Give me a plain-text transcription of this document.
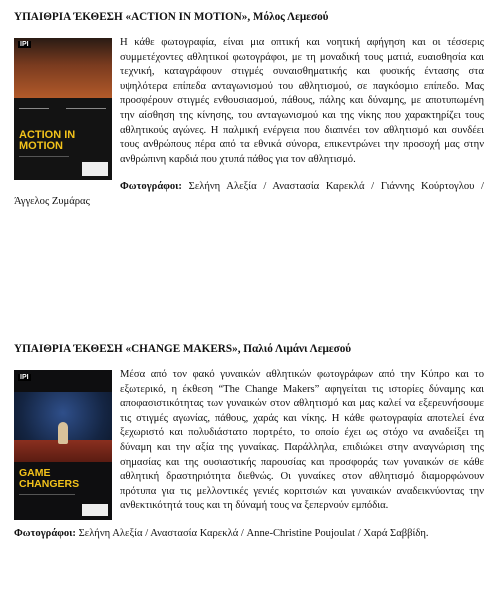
ΥΠΑΙΘΡΙΑ ΈΚΘΕΣΗ «ACTION IN MOTION», Μόλος Λεμεσού

IPI
ACTION IN
MOTION

Η κάθε φωτογραφία, είναι μια οπτική και νοητική αφήγηση και οι τέσσερις συμμετέχοντες αθλητικοί φωτογράφοι, με τη μοναδική τους ματιά, ευαισθησία και τεχνική, καταγράφουν στιγμές συναισθηματικής και φυσικής έντασης στα υψηλότερα επίπεδα ανταγωνισμού του αθλητισμού, σε παγκόσμιο επίπεδο. Μας προσφέρουν στιγμές ενθουσιασμού, πάθους, πάλης και δύναμης, με αποτυπωμένη την αίσθηση της κίνησης, του ανταγωνισμού και της νίκης που χαρακτηρίζει τους αθλητικούς αγώνες. Η παλμική ενέργεια που διαπνέει τον αθλητισμό και συνδέει τους ανθρώπους πέρα από τα εθνικά σύνορα, επικεντρώνει την προσοχή μας στην ανθρώπινη καρδιά που χτυπά πάθος για τον αθλητισμό.

Φωτογράφοι: Σελήνη Αλεξία / Αναστασία Καρεκλά / Γιάννης Κούρτογλου / Άγγελος Ζυμάρας

ΥΠΑΙΘΡΙΑ ΈΚΘΕΣΗ «CHANGE MAKERS», Παλιό Λιμάνι Λεμεσού

IPI
GAME
CHANGERS

Μέσα από τον φακό γυναικών αθλητικών φωτογράφων από την Κύπρο και το εξωτερικό, η έκθεση “The Change Makers” αφηγείται τις ιστορίες δύναμης και αποφασιστικότητας των γυναικών στον αθλητισμό και μας καλεί να εξερευνήσουμε τις στιγμές αγωνίας, πάθους, χαράς και νίκης. Η κάθε φωτογραφία αποτελεί ένα ξεχωριστό και πολυδιάστατο πορτρέτο, το οποίο έχει ως στόχο να αναδείξει τη δύναμη και την αξία της γυναίκας. Παράλληλα, επιδιώκει στην αναγνώριση της σημασίας και της ουσιαστικής παρουσίας και προσφοράς των γυναικών σε κάθε αθλητική δραστηριότητα διεθνώς. Οι γυναίκες στον αθλητισμό διαμορφώνουν πρότυπα για τις μελλοντικές γενιές κοριτσιών και γυναικών αναδεικνύοντας την ανθεκτικότητά τους και τη δύναμή τους να ξεπερνούν εμπόδια.

Φωτογράφοι: Σελήνη Αλεξία / Αναστασία Καρεκλά / Anne-Christine Poujoulat / Χαρά Σαββίδη.
